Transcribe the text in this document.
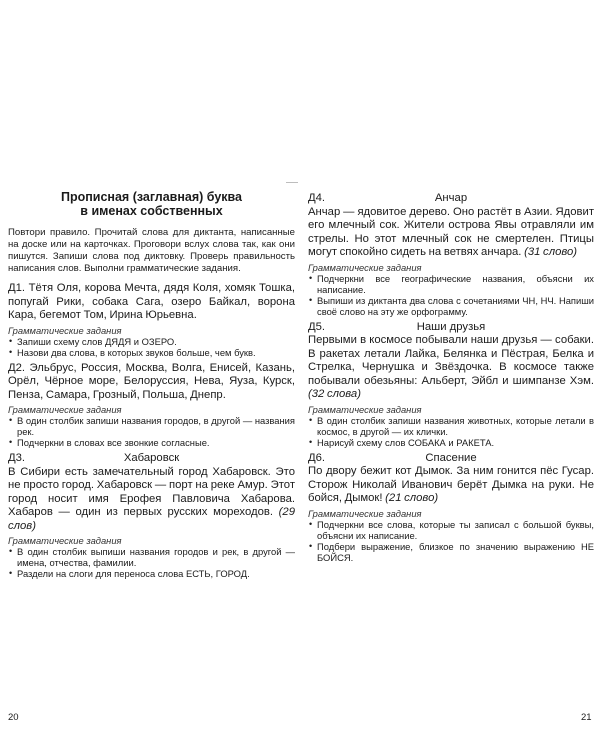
Прописная (заглавная) буква
в именах собственных

Повтори правило. Прочитай слова для диктанта, написанные на доске или на карточках. Проговори вслух слова так, как они пишутся. Запиши слова под диктовку. Проверь правильность написания слов. Выполни грамматические задания.

Д1. Тётя Оля, корова Мечта, дядя Коля, хомяк Тошка, попугай Рики, собака Сага, озеро Байкал, ворона Кара, бегемот Том, Ирина Юрьевна.

Грамматические задания
• Запиши схему слов ДЯДЯ и ОЗЕРО.
• Назови два слова, в которых звуков больше, чем букв.

Д2. Эльбрус, Россия, Москва, Волга, Енисей, Казань, Орёл, Чёрное море, Белоруссия, Нева, Яуза, Курск, Пенза, Самара, Грозный, Польша, Днепр.

Грамматические задания
• В один столбик запиши названия городов, в другой — названия рек.
• Подчеркни в словах все звонкие согласные.
Д3.	Хабаровск

В Сибири есть замечательный город Хабаровск. Это не просто город. Хабаровск — порт на реке Амур. Этот город носит имя Ерофея Павловича Хабарова. Хабаров — один из первых русских мореходов. (29 слов)

Грамматические задания
• В один столбик выпиши названия городов и рек, в другой — имена, отчества, фамилии.
• Раздели на слоги для переноса слова ЕСТЬ, ГОРОД.
Д4.	Анчар

Анчар — ядовитое дерево. Оно растёт в Азии. Ядовит его млечный сок. Жители острова Явы отравляли им стрелы. Но этот млечный сок не смертелен. Птицы могут спокойно сидеть на ветвях анчара. (31 слово)

Грамматические задания
• Подчеркни все географические названия, объясни их написание.
• Выпиши из диктанта два слова с сочетаниями ЧН, НЧ. Напиши своё слово на эту же орфограмму.
Д5.	Наши друзья

Первыми в космосе побывали наши друзья — собаки. В ракетах летали Лайка, Белянка и Пёстрая, Белка и Стрелка, Чернушка и Звёздочка. В космосе также побывали обезьяны: Альберт, Эйбл и шимпанзе Хэм. (32 слова)

Грамматические задания
• В один столбик запиши названия животных, которые летали в космос, в другой — их клички.
• Нарисуй схему слов СОБАКА и РАКЕТА.
Д6.	Спасение

По двору бежит кот Дымок. За ним гонится пёс Гусар. Сторож Николай Иванович берёт Дымка на руки. Не бойся, Дымок! (21 слово)

Грамматические задания
• Подчеркни все слова, которые ты записал с большой буквы, объясни их написание.
• Подбери выражение, близкое по значению выражению НЕ БОЙСЯ.
20	21
